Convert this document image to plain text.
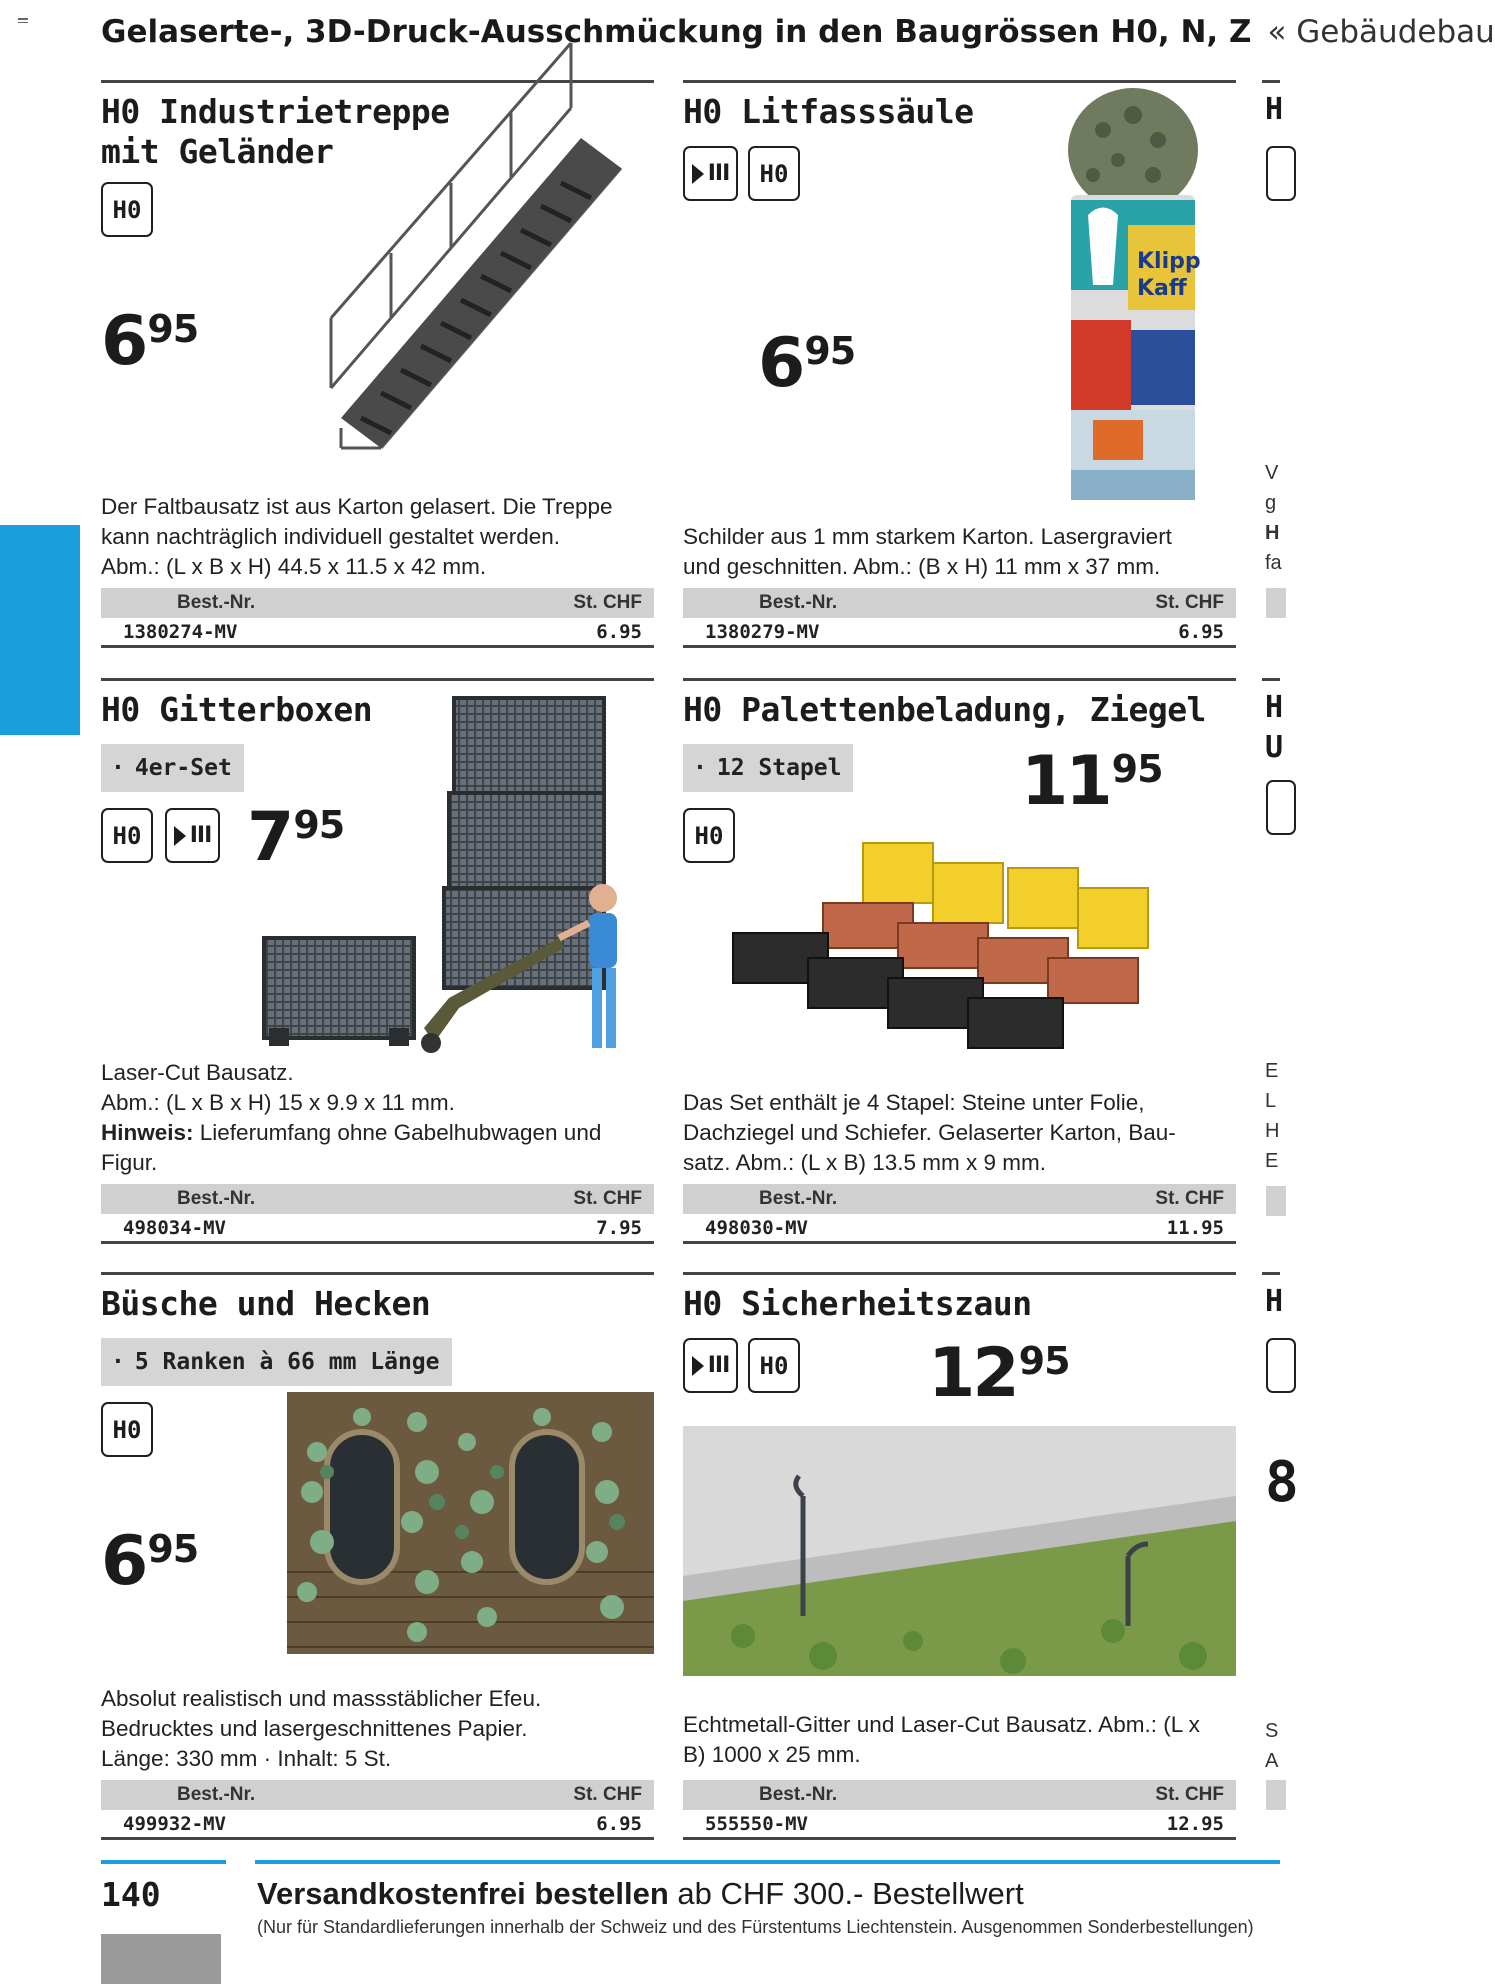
Gelaserte-, 3D-Druck-Ausschmückung in den Baugrössen H0, N, Z « Gebäudebau
H0 Industrietreppe
mit Geländer
H0
695
Der Faltbausatz ist aus Karton gelasert. Die Treppe
kann nachträglich individuell gestaltet werden.
Abm.: (L x B x H) 44.5 x 11.5 x 42 mm.
Best.-Nr.	St. CHF
1380274-MV	6.95
H0 Litfasssäule
III H0
695
Klipp
Kaff
Schilder aus 1 mm starkem Karton. Lasergraviert
und geschnitten. Abm.: (B x H) 11 mm x 37 mm.
Best.-Nr.	St. CHF
1380279-MV	6.95
H0 Gitterboxen
· 4er-Set
H0 III 795
Laser-Cut Bausatz.
Abm.: (L x B x H) 15 x 9.9 x 11 mm.
Hinweis: Lieferumfang ohne Gabelhubwagen und
Figur.
Best.-Nr.	St. CHF
498034-MV	7.95
H0 Palettenbeladung, Ziegel
· 12 Stapel
H0
1195
Das Set enthält je 4 Stapel: Steine unter Folie,
Dachziegel und Schiefer. Gelaserter Karton, Bau-
satz. Abm.: (L x B) 13.5 mm x 9 mm.
Best.-Nr.	St. CHF
498030-MV	11.95
Büsche und Hecken
· 5 Ranken à 66 mm Länge
H0
695
Absolut realistisch und massstäblicher Efeu.
Bedrucktes und lasergeschnittenes Papier.
Länge: 330 mm · Inhalt: 5 St.
Best.-Nr.	St. CHF
499932-MV	6.95
H0 Sicherheitszaun
III H0 1295
Echtmetall-Gitter und Laser-Cut Bausatz. Abm.: (L x
B) 1000 x 25 mm.
Best.-Nr.	St. CHF
555550-MV	12.95
H
V
g
H
fa
H
U
E
L
H
E
H
8
S
A
140	Versandkostenfrei bestellen ab CHF 300.- Bestellwert
(Nur für Standardlieferungen innerhalb der Schweiz und des Fürstentums Liechtenstein. Ausgenommen Sonderbestellungen)
